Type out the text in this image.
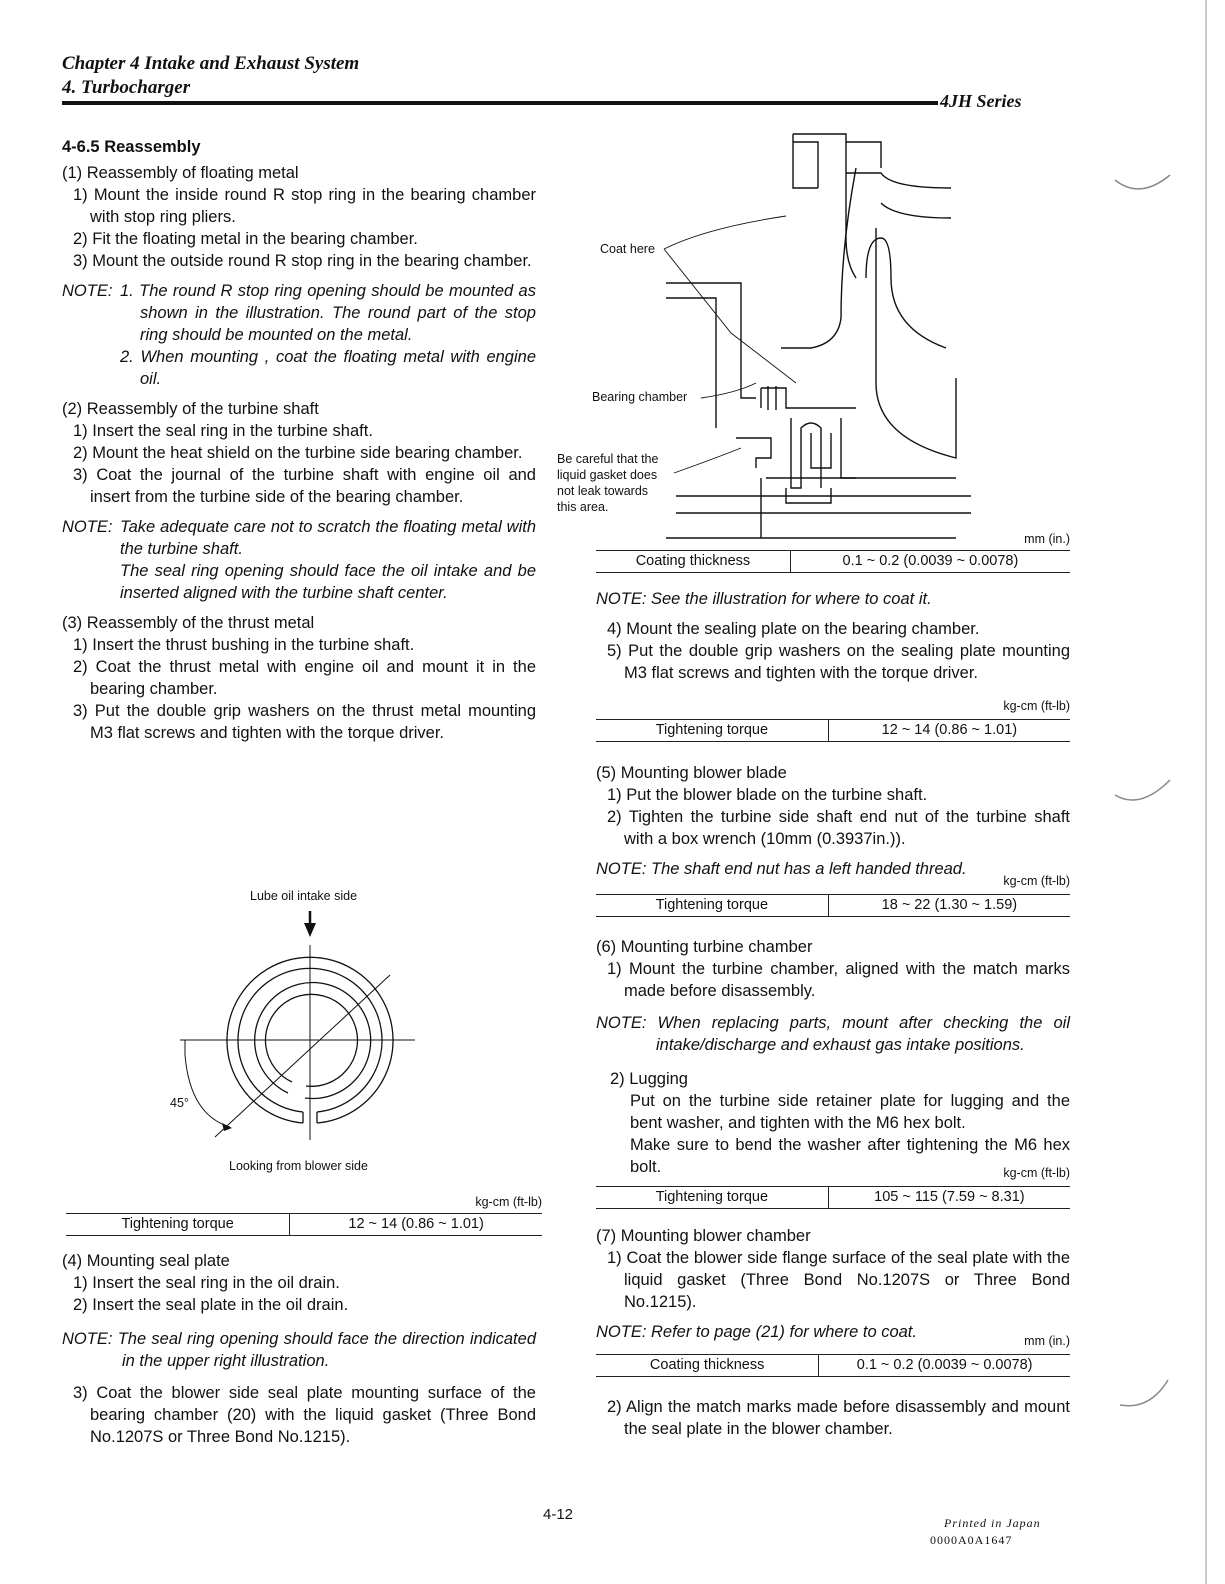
Chapter 4 Intake and Exhaust System
4. Turbocharger
4JH Series

4-6.5 Reassembly

(1) Reassembly of floating metal

1) Mount the inside round R stop ring in the bearing chamber with stop ring pliers.

2) Fit the floating metal in the bearing chamber.

3) Mount the outside round R stop ring in the bearing chamber.

NOTE: 1. The round R stop ring opening should be mounted as shown in the illustration. The round part of the stop ring should be mounted on the metal.
2. When mounting , coat the floating metal with engine oil.

(2) Reassembly of the turbine shaft

1) Insert the seal ring in the turbine shaft.

2) Mount the heat shield on the turbine side bearing chamber.

3) Coat the journal of the turbine shaft with engine oil and insert from the turbine side of the bearing chamber.

NOTE: Take adequate care not to scratch the floating metal with the turbine shaft.
The seal ring opening should face the oil intake and be inserted aligned with the turbine shaft center.

(3) Reassembly of the thrust metal

1) Insert the thrust bushing in the turbine shaft.

2) Coat the thrust metal with engine oil and mount it in the bearing chamber.

3) Put the double grip washers on the thrust metal mounting M3 flat screws and tighten with the torque driver.

Lube oil intake side
45°
Looking from blower side
kg-cm (ft-lb)
Tightening torque	12 ~ 14 (0.86 ~ 1.01)

(4) Mounting seal plate

1) Insert the seal ring in the oil drain.

2) Insert the seal plate in the oil drain.

NOTE: The seal ring opening should face the direction indicated in the upper right illustration.

3) Coat the blower side seal plate mounting surface of the bearing chamber (20) with the liquid gasket (Three Bond No.1207S or Three Bond No.1215).

Coat here
Bearing chamber
Be careful that the
liquid gasket does
not leak towards
this area.
mm (in.)
Coating thickness	0.1 ~ 0.2 (0.0039 ~ 0.0078)

NOTE: See the illustration for where to coat it.

4) Mount the sealing plate on the bearing chamber.

5) Put the double grip washers on the sealing plate mounting M3 flat screws and tighten with the torque driver.

kg-cm (ft-lb)
Tightening torque	12 ~ 14 (0.86 ~ 1.01)

(5) Mounting blower blade

1) Put the blower blade on the turbine shaft.

2) Tighten the turbine side shaft end nut of the turbine shaft with a box wrench (10mm (0.3937in.)).

NOTE: The shaft end nut has a left handed thread.

kg-cm (ft-lb)
Tightening torque	18 ~ 22 (1.30 ~ 1.59)

(6) Mounting turbine chamber

1) Mount the turbine chamber, aligned with the match marks made before disassembly.

NOTE: When replacing parts, mount after checking the oil intake/discharge and exhaust gas intake positions.

2) Lugging

Put on the turbine side retainer plate for lugging and the bent washer, and tighten with the M6 hex bolt.

Make sure to bend the washer after tightening the M6 hex bolt.	kg-cm (ft-lb)
Tightening torque	105 ~ 115 (7.59 ~ 8.31)

(7) Mounting blower chamber

1) Coat the blower side flange surface of the seal plate with the liquid gasket (Three Bond No.1207S or Three Bond No.1215).

NOTE: Refer to page (21) for where to coat.	mm (in.)
Coating thickness	0.1 ~ 0.2 (0.0039 ~ 0.0078)

2) Align the match marks made before disassembly and mount the seal plate in the blower chamber.

4-12	Printed in Japan
0000A0A1647
